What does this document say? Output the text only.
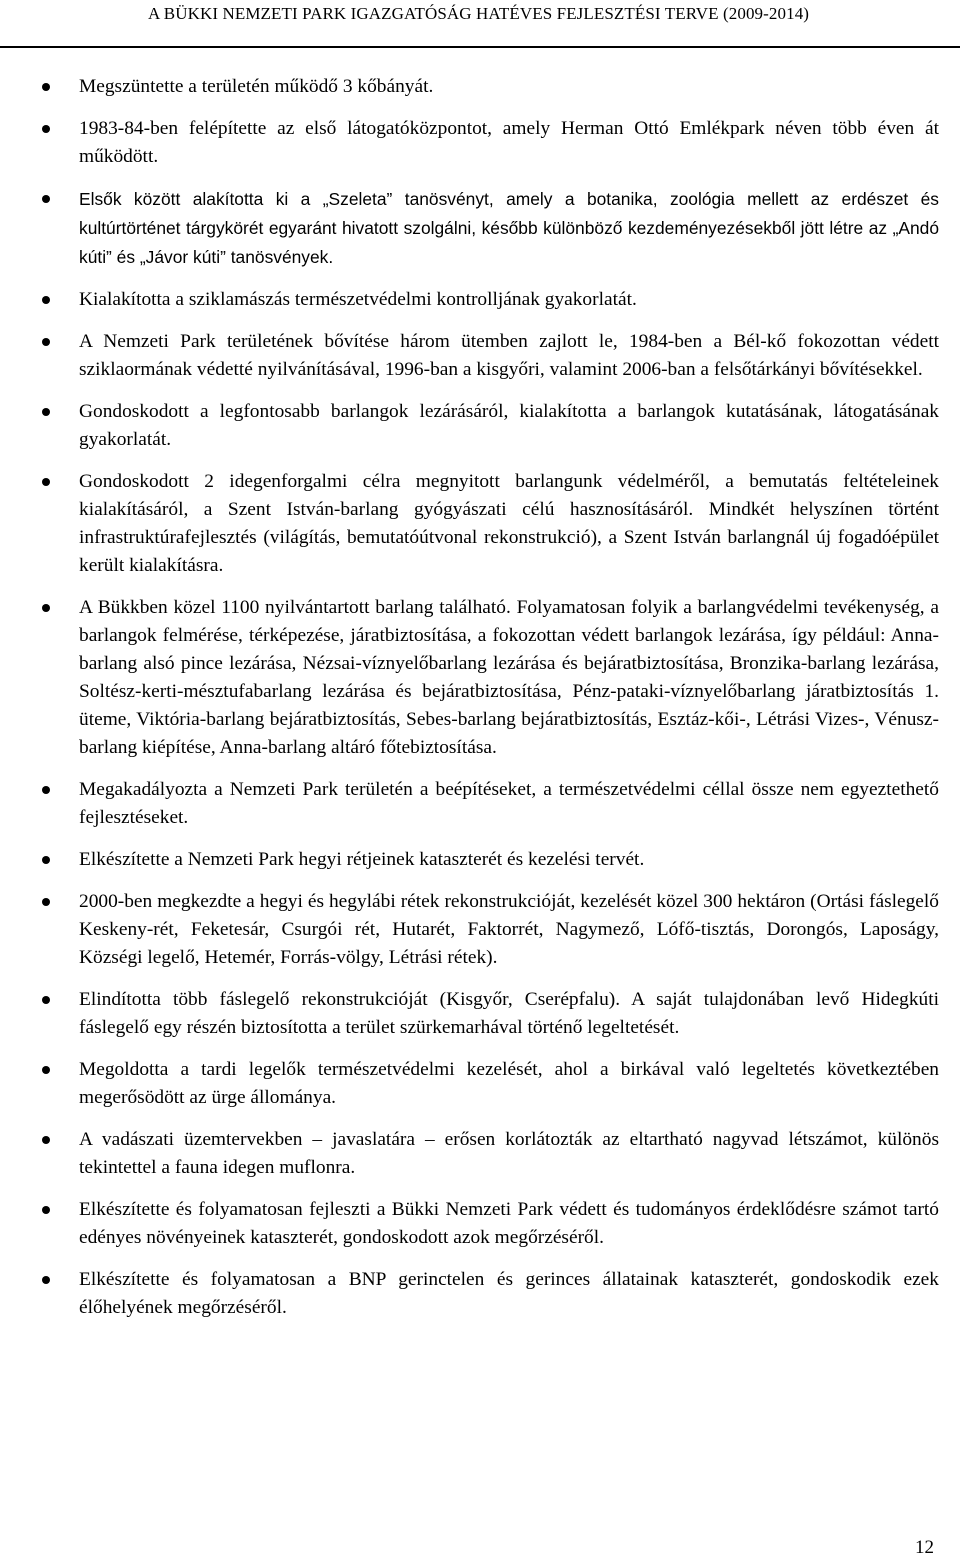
A BÜKKI NEMZETI PARK IGAZGATÓSÁG HATÉVES FEJLESZTÉSI TERVE (2009-2014)
Megszüntette a területén működő 3 kőbányát.
1983-84-ben felépítette az első látogatóközpontot, amely Herman Ottó Emlékpark néven több éven át működött.
Elsők között alakította ki a „Szeleta” tanösvényt, amely a botanika, zoológia mellett az erdészet és kultúrtörténet tárgykörét egyaránt hivatott szolgálni, később különböző kezdeményezésekből jött létre az „Andó kúti” és „Jávor kúti” tanösvények.
Kialakította a sziklamászás természetvédelmi kontrolljának gyakorlatát.
A Nemzeti Park területének bővítése három ütemben zajlott le, 1984-ben a Bél-kő fokozottan védett sziklaormának védetté nyilvánításával, 1996-ban a kisgyőri, valamint 2006-ban a felsőtárkányi bővítésekkel.
Gondoskodott a legfontosabb barlangok lezárásáról, kialakította a barlangok kutatásának, látogatásának gyakorlatát.
Gondoskodott 2 idegenforgalmi célra megnyitott barlangunk védelméről, a bemutatás feltételeinek kialakításáról, a Szent István-barlang gyógyászati célú hasznosításáról. Mindkét helyszínen történt infrastruktúrafejlesztés (világítás, bemutatóútvonal rekonstrukció), a Szent István barlangnál új fogadóépület került kialakításra.
A Bükkben közel 1100 nyilvántartott barlang található. Folyamatosan folyik a barlangvédelmi tevékenység, a barlangok felmérése, térképezése, járatbiztosítása, a fokozottan védett barlangok lezárása, így például: Anna-barlang alsó pince lezárása, Nézsai-víznyelőbarlang lezárása és bejáratbiztosítása, Bronzika-barlang lezárása, Soltész-kerti-mésztufabarlang lezárása és bejáratbiztosítása, Pénz-pataki-víznyelőbarlang járatbiztosítás 1. üteme, Viktória-barlang bejáratbiztosítás, Sebes-barlang bejáratbiztosítás, Esztáz-kői-, Létrási Vizes-, Vénusz-barlang kiépítése, Anna-barlang altáró főtebiztosítása.
Megakadályozta a Nemzeti Park területén a beépítéseket, a természetvédelmi céllal össze nem egyeztethető fejlesztéseket.
Elkészítette a Nemzeti Park hegyi rétjeinek kataszterét és kezelési tervét.
2000-ben megkezdte a hegyi és hegylábi rétek rekonstrukcióját, kezelését közel 300 hektáron (Ortási fáslegelő Keskeny-rét, Feketesár, Csurgói rét, Hutarét, Faktorrét, Nagymező, Lófő-tisztás, Dorongós, Laposágy, Községi legelő, Hetemér, Forrás-völgy, Létrási rétek).
Elindította több fáslegelő rekonstrukcióját (Kisgyőr, Cserépfalu). A saját tulajdonában levő Hidegkúti fáslegelő egy részén biztosította a terület szürkemarhával történő legeltetését.
Megoldotta a tardi legelők természetvédelmi kezelését, ahol a birkával való legeltetés következtében megerősödött az ürge állománya.
A vadászati üzemtervekben – javaslatára – erősen korlátozták az eltartható nagyvad létszámot, különös tekintettel a fauna idegen muflonra.
Elkészítette és folyamatosan fejleszti a Bükki Nemzeti Park védett és tudományos érdeklődésre számot tartó edényes növényeinek kataszterét, gondoskodott azok megőrzéséről.
Elkészítette és folyamatosan a BNP gerinctelen és gerinces állatainak kataszterét, gondoskodik ezek élőhelyének megőrzéséről.
12
